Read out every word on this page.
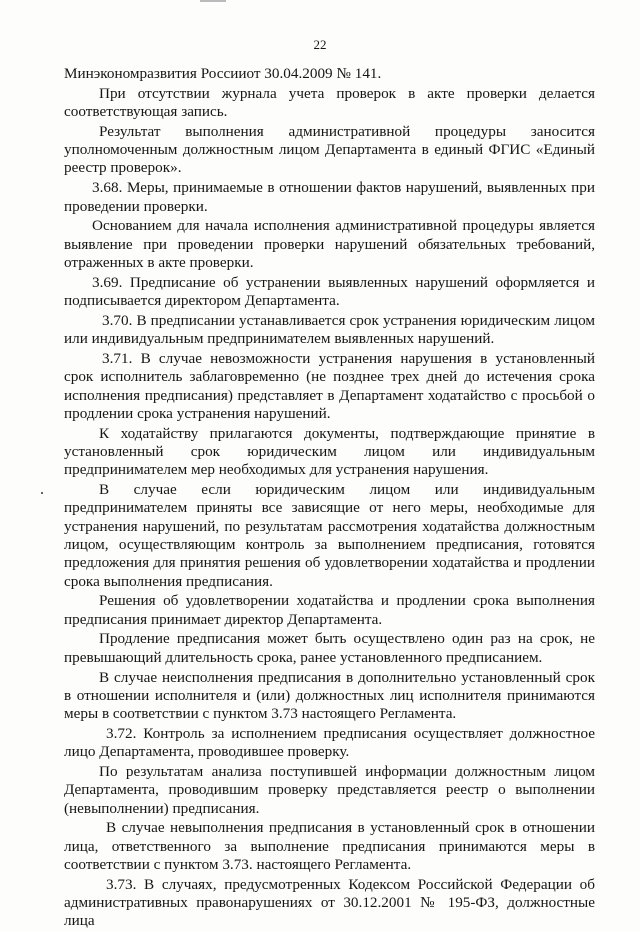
22

Минэкономразвития Россииот 30.04.2009 № 141.

При отсутствии журнала учета проверок в акте проверки делается соответствующая запись.

Результат выполнения административной процедуры заносится уполномоченным должностным лицом Департамента в единый ФГИС «Единый реестр проверок».

3.68. Меры, принимаемые в отношении фактов нарушений, выявленных при проведении проверки.

Основанием для начала исполнения административной процедуры является выявление при проведении проверки нарушений обязательных требований, отраженных в акте проверки.

3.69. Предписание об устранении выявленных нарушений оформляется и подписывается директором Департамента.

3.70. В предписании устанавливается срок устранения юридическим лицом или индивидуальным предпринимателем выявленных нарушений.

3.71. В случае невозможности устранения нарушения в установленный срок исполнитель заблаговременно (не позднее трех дней до истечения срока исполнения предписания) представляет в Департамент ходатайство с просьбой о продлении срока устранения нарушений.

К ходатайству прилагаются документы, подтверждающие принятие в установленный срок юридическим лицом или индивидуальным предпринимателем мер необходимых для устранения нарушения.

В случае если юридическим лицом или индивидуальным предпринимателем приняты все зависящие от него меры, необходимые для устранения нарушений, по результатам рассмотрения ходатайства должностным лицом, осуществляющим контроль за выполнением предписания, готовятся предложения для принятия решения об удовлетворении ходатайства и продлении срока выполнения предписания.

Решения об удовлетворении ходатайства и продлении срока выполнения предписания принимает директор Департамента.

Продление предписания может быть осуществлено один раз на срок, не превышающий длительность срока, ранее установленного предписанием.

В случае неисполнения предписания в дополнительно установленный срок в отношении исполнителя и (или) должностных лиц исполнителя принимаются меры в соответствии с пунктом 3.73 настоящего Регламента.

3.72. Контроль за исполнением предписания осуществляет должностное лицо Департамента, проводившее проверку.

По результатам анализа поступившей информации должностным лицом Департамента, проводившим проверку представляется реестр о выполнении (невыполнении) предписания.

В случае невыполнения предписания в установленный срок в отношении лица, ответственного за выполнение предписания принимаются меры в соответствии с пунктом 3.73. настоящего Регламента.

3.73. В случаях, предусмотренных Кодексом Российской Федерации об административных правонарушениях от 30.12.2001 № 195-ФЗ, должностные лица
